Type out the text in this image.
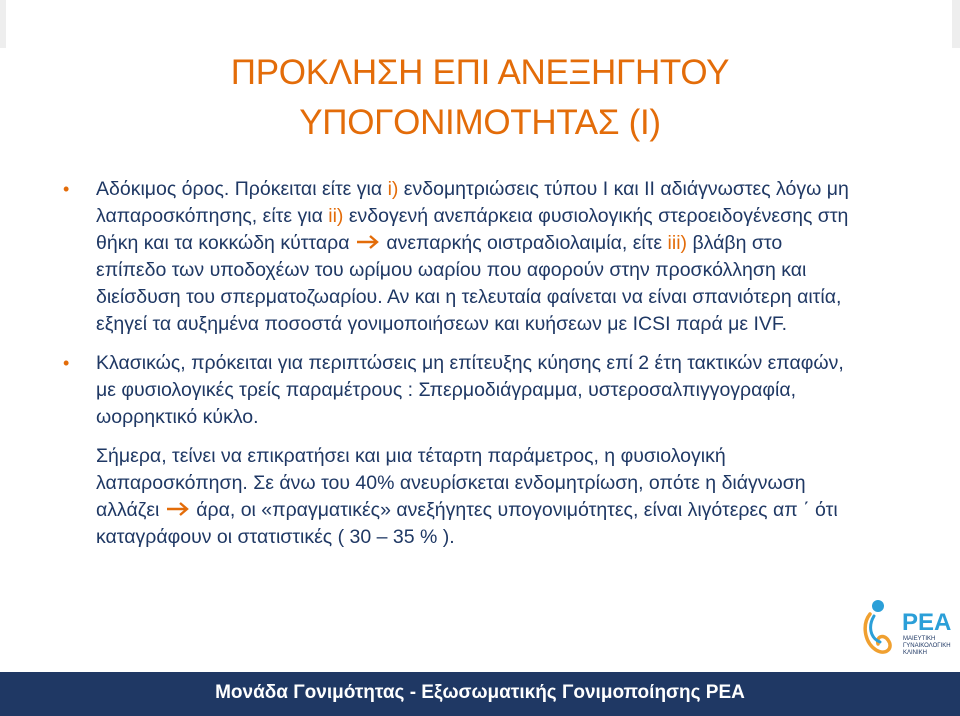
ΠΡΟΚΛΗΣΗ ΕΠΙ ΑΝΕΞΗΓΗΤΟΥ
ΥΠΟΓΟΝΙΜΟΤΗΤΑΣ (Ι)

• Αδόκιμος όρος. Πρόκειται είτε για i) ενδομητριώσεις τύπου Ι και ΙΙ αδιάγνωστες λόγω μη λαπαροσκόπησης, είτε για ii) ενδογενή ανεπάρκεια φυσιολογικής στεροειδογένεσης στη θήκη και τα κοκκώδη κύτταρα  ανεπαρκής οιστραδιολαιμία, είτε iii) βλάβη στο επίπεδο των υποδοχέων του ωρίμου ωαρίου που αφορούν στην προσκόλληση και διείσδυση του σπερματοζωαρίου. Αν και η τελευταία φαίνεται να είναι σπανιότερη αιτία, εξηγεί τα αυξημένα ποσοστά γονιμοποιήσεων και κυήσεων με ICSI παρά με IVF.

• Κλασικώς, πρόκειται για περιπτώσεις μη επίτευξης κύησης επί 2 έτη τακτικών επαφών, με φυσιολογικές τρείς παραμέτρους : Σπερμοδιάγραμμα, υστεροσαλπιγγογραφία, ωορρηκτικό κύκλο.

Σήμερα, τείνει να επικρατήσει και μια τέταρτη παράμετρος, η φυσιολογική λαπαροσκόπηση. Σε άνω του 40% ανευρίσκεται ενδομητρίωση, οπότε η διάγνωση αλλάζει  άρα, οι «πραγματικές» ανεξήγητες υπογονιμότητες, είναι λιγότερες απ ΄ ότι καταγράφουν οι στατιστικές ( 30 – 35 % ).

ΡΕΑ
ΜΑΙΕΥΤΙΚΗ
ΓΥΝΑΙΚΟΛΟΓΙΚΗ
ΚΛΙΝΙΚΗ
Μονάδα Γονιμότητας - Εξωσωματικής Γονιμοποίησης ΡΕΑ
